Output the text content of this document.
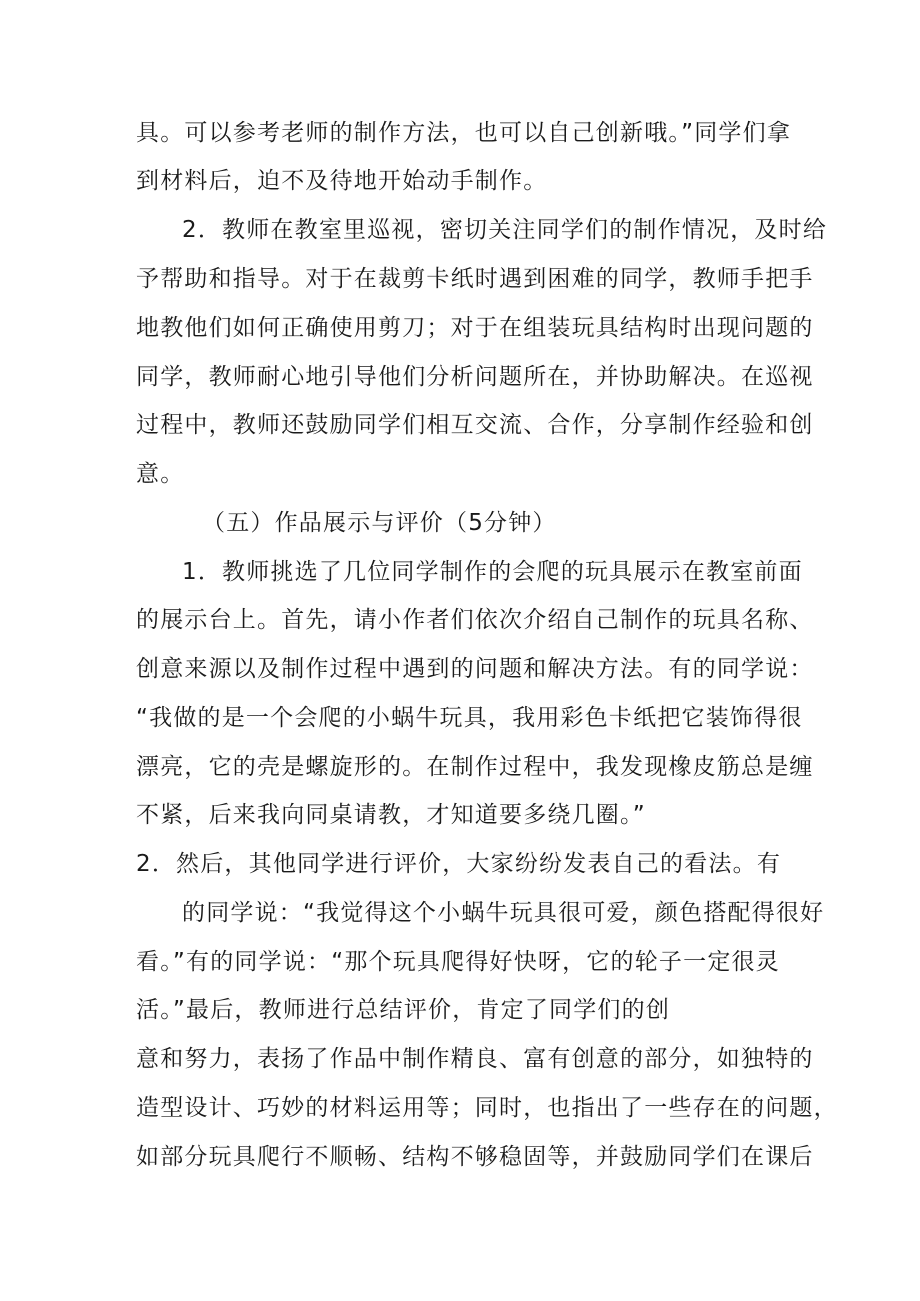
具。可以参考老师的制作方法，也可以自己创新哦。”同学们拿
到材料后，迫不及待地开始动手制作。
2．教师在教室里巡视，密切关注同学们的制作情况，及时给
予帮助和指导。对于在裁剪卡纸时遇到困难的同学，教师手把手
地教他们如何正确使用剪刀；对于在组装玩具结构时出现问题的
同学，教师耐心地引导他们分析问题所在，并协助解决。在巡视
过程中，教师还鼓励同学们相互交流、合作，分享制作经验和创
意。
（五）作品展示与评价（5分钟）
1．教师挑选了几位同学制作的会爬的玩具展示在教室前面
的展示台上。首先，请小作者们依次介绍自己制作的玩具名称、
创意来源以及制作过程中遇到的问题和解决方法。有的同学说：
“我做的是一个会爬的小蜗牛玩具，我用彩色卡纸把它装饰得很
漂亮，它的壳是螺旋形的。在制作过程中，我发现橡皮筋总是缠
不紧，后来我向同桌请教，才知道要多绕几圈。”
2．然后，其他同学进行评价，大家纷纷发表自己的看法。有
的同学说：“我觉得这个小蜗牛玩具很可爱，颜色搭配得很好
看。”有的同学说：“那个玩具爬得好快呀，它的轮子一定很灵
活。”最后，教师进行总结评价，肯定了同学们的创
意和努力，表扬了作品中制作精良、富有创意的部分，如独特的
造型设计、巧妙的材料运用等；同时，也指出了一些存在的问题，
如部分玩具爬行不顺畅、结构不够稳固等，并鼓励同学们在课后
